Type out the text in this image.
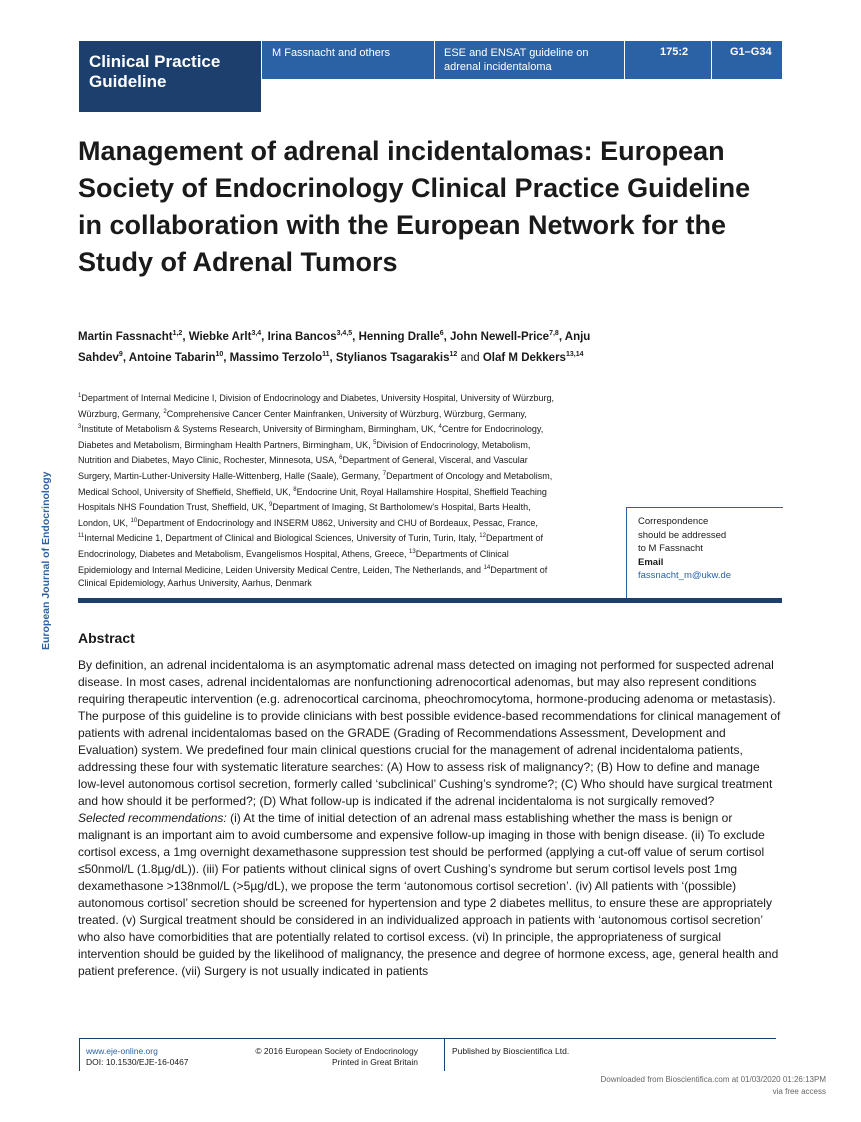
Clinical Practice Guideline
M Fassnacht and others	ESE and ENSAT guideline on
adrenal incidentaloma
175:2	G1–G34
European Journal of Endocrinology
Management of adrenal incidentalomas: European Society of Endocrinology Clinical Practice Guideline in collaboration with the European Network for the Study of Adrenal Tumors
Martin Fassnacht$^{1,2}$, Wiebke Arlt$^{3,4}$, Irina Bancos$^{3,4,5}$, Henning Dralle$^6$, John Newell-Price$^{7,8}$, Anju Sahdev$^9$, Antoine Tabarin$^{10}$, Massimo Terzolo$^{11}$, Stylianos Tsagarakis$^{12}$ and Olaf M Dekkers$^{13,14}$
$^1$Department of Internal Medicine I, Division of Endocrinology and Diabetes, University Hospital, University of Würzburg, Würzburg, Germany, $^2$Comprehensive Cancer Center Mainfranken, University of Würzburg, Würzburg, Germany, $^3$Institute of Metabolism & Systems Research, University of Birmingham, Birmingham, UK, $^4$Centre for Endocrinology, Diabetes and Metabolism, Birmingham Health Partners, Birmingham, UK, $^5$Division of Endocrinology, Metabolism, Nutrition and Diabetes, Mayo Clinic, Rochester, Minnesota, USA, $^6$Department of General, Visceral, and Vascular Surgery, Martin-Luther-University Halle-Wittenberg, Halle (Saale), Germany, $^7$Department of Oncology and Metabolism, Medical School, University of Sheffield, Sheffield, UK, $^8$Endocrine Unit, Royal Hallamshire Hospital, Sheffield Teaching Hospitals NHS Foundation Trust, Sheffield, UK, $^9$Department of Imaging, St Bartholomew's Hospital, Barts Health, London, UK, $^{10}$Department of Endocrinology and INSERM U862, University and CHU of Bordeaux, Pessac, France, $^{11}$Internal Medicine 1, Department of Clinical and Biological Sciences, University of Turin, Turin, Italy, $^{12}$Department of Endocrinology, Diabetes and Metabolism, Evangelismos Hospital, Athens, Greece, $^{13}$Departments of Clinical Epidemiology and Internal Medicine, Leiden University Medical Centre, Leiden, The Netherlands, and $^{14}$Department of Clinical Epidemiology, Aarhus University, Aarhus, Denmark
Correspondence
should be addressed
to M Fassnacht
Email
fassnacht_m@ukw.de
Abstract

By definition, an adrenal incidentaloma is an asymptomatic adrenal mass detected on imaging not performed for suspected adrenal disease. In most cases, adrenal incidentalomas are nonfunctioning adrenocortical adenomas, but may also represent conditions requiring therapeutic intervention (e.g. adrenocortical carcinoma, pheochromocytoma, hormone-producing adenoma or metastasis). The purpose of this guideline is to provide clinicians with best possible evidence-based recommendations for clinical management of patients with adrenal incidentalomas based on the GRADE (Grading of Recommendations Assessment, Development and Evaluation) system. We predefined four main clinical questions crucial for the management of adrenal incidentaloma patients, addressing these four with systematic literature searches: (A) How to assess risk of malignancy?; (B) How to define and manage low-level autonomous cortisol secretion, formerly called ‘subclinical’ Cushing’s syndrome?; (C) Who should have surgical treatment and how should it be performed?; (D) What follow-up is indicated if the adrenal incidentaloma is not surgically removed?

Selected recommendations: (i) At the time of initial detection of an adrenal mass establishing whether the mass is benign or malignant is an important aim to avoid cumbersome and expensive follow-up imaging in those with benign disease. (ii) To exclude cortisol excess, a 1mg overnight dexamethasone suppression test should be performed (applying a cut-off value of serum cortisol ≤50nmol/L (1.8µg/dL)). (iii) For patients without clinical signs of overt Cushing’s syndrome but serum cortisol levels post 1mg dexamethasone >138nmol/L (>5µg/dL), we propose the term ‘autonomous cortisol secretion’. (iv) All patients with ‘(possible) autonomous cortisol’ secretion should be screened for hypertension and type 2 diabetes mellitus, to ensure these are appropriately treated. (v) Surgical treatment should be considered in an individualized approach in patients with ‘autonomous cortisol secretion’ who also have comorbidities that are potentially related to cortisol excess. (vi) In principle, the appropriateness of surgical intervention should be guided by the likelihood of malignancy, the presence and degree of hormone excess, age, general health and patient preference. (vii) Surgery is not usually indicated in patients

www.eje-online.org
DOI: 10.1530/EJE-16-0467
© 2016 European Society of Endocrinology
Printed in Great Britain
Published by Bioscientifica Ltd.
Downloaded from Bioscientifica.com at 01/03/2020 01:26:13PM
via free access
